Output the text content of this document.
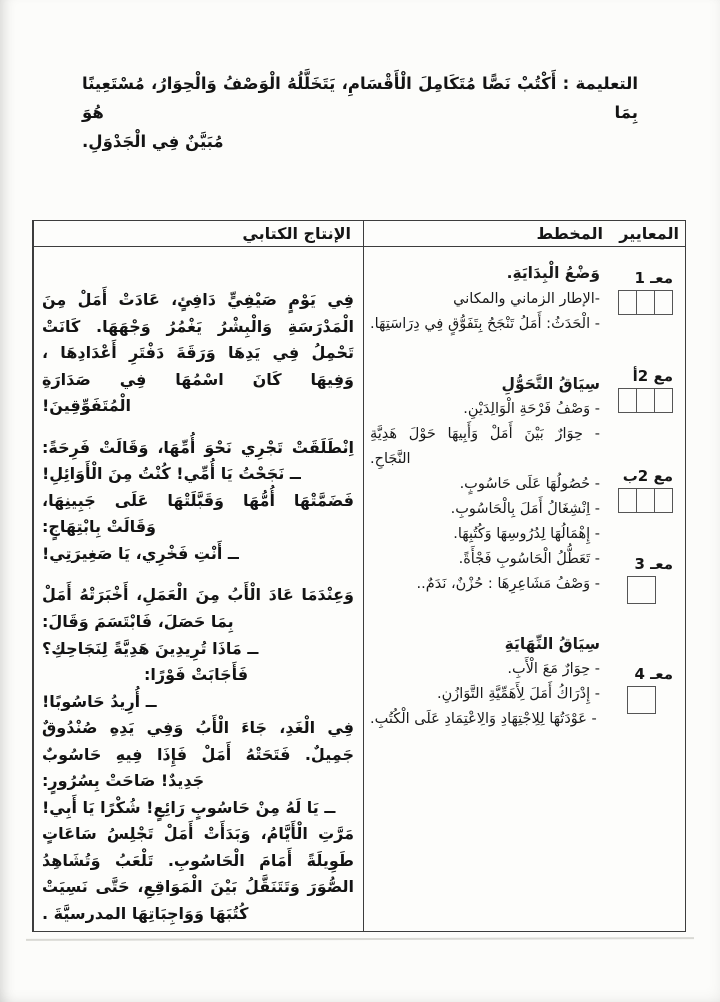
التعليمة : أَكْتُبْ نَصًّا مُتَكَامِلَ الْأَقْسَامِ، يَتَخَلَّلُهُ الْوَصْفُ وَالْحِوَارُ، مُسْتَعِينًا بِمَا هُوَ
مُبَيَّنٌ فِي الْجَدْوَلِ.
المعايير
المخطط
الإنتاج الكتابي
معـ 1
مع 2أ
مع 2ب
معـ 3
معـ 4
وَضْعُ الْبِدَايَةِ.
-الإطار الزماني والمكاني
- الْحَدَثُ: أَمَلُ تَنْجَحُ بِتَفَوُّقٍ فِي دِرَاسَتِهَا.
سِيَاقُ التَّحَوُّلِ
- وَصْفُ فَرْحَةِ الْوَالِدَيْنِ.
- حِوَارٌ بَيْنَ أَمَلْ وَأَبِيهَا حَوْلَ هَدِيَّةِ النَّجَاحِ.
- حُصُولُهَا عَلَى حَاسُوبٍ.
- اِنْشِغَالُ أَمَلَ بِالْحَاسُوبِ.
- إِهْمَالُهَا لِدُرُوسِهَا وَكُتُبِهَا.
- تَعَطُّلُ الْحَاسُوبِ فَجْأَةً.
- وَصْفُ مَشَاعِرِهَا : حُزْنٌ، نَدَمٌ..
سِيَاقُ النِّهَايَةِ
- حِوَارٌ مَعَ الْأَبِ.
- إِدْرَاكُ أَمَلَ لِأَهَمِّيَّةِ التَّوَازُنِ.
- عَوْدَتُهَا لِلِاجْتِهَادِ وَالِاعْتِمَادِ عَلَى الْكُتُبِ.
فِي يَوْمٍ صَيْفِيٍّ دَافِئٍ، عَادَتْ أَمَلْ مِنَ الْمَدْرَسَةِ وَالْبِشْرُ يَغْمُرُ وَجْهَهَا. كَانَتْ تَحْمِلُ فِي يَدِهَا وَرَقَةَ دَفْتَرِ أَعْدَادِهَا ، وَفِيهَا كَانَ اسْمُهَا فِي صَدَارَةِ الْمُتَفَوِّقِينَ!
اِنْطَلَقَتْ تَجْرِي نَحْوَ أُمِّهَا، وَقَالَتْ فَرِحَةً:
ــ نَجَحْتُ يَا أُمِّي! كُنْتُ مِنَ الْأَوَائِلِ!
فَضَمَّتْهَا أُمُّهَا وَقَبَّلَتْهَا عَلَى جَبِينِهَا، وَقَالَتْ بِابْتِهَاجٍ:
ــ أَنْتِ فَخْرِي، يَا صَغِيرَتِي!
وَعِنْدَمَا عَادَ الْأَبُ مِنَ الْعَمَلِ، أَخْبَرَتْهُ أَمَلْ بِمَا حَصَلَ، فَابْتَسَمَ وَقَالَ:
ــ مَاذَا تُرِيدِينَ هَدِيَّةً لِنَجَاحِكِ؟
فَأَجَابَتْ فَوْرًا:
ــ أُرِيدُ حَاسُوبًا!
فِي الْغَدِ، جَاءَ الْأَبُ وَفِي يَدِهِ صُنْدُوقٌ جَمِيلٌ. فَتَحَتْهُ أَمَلْ فَإِذَا فِيهِ حَاسُوبٌ جَدِيدٌ! صَاحَتْ بِسُرُورٍ:
ــ يَا لَهُ مِنْ حَاسُوبٍ رَائِعٍ! شُكْرًا يَا أَبِي!
مَرَّتِ الْأَيَّامُ، وَبَدَأَتْ أَمَلْ تَجْلِسُ سَاعَاتٍ طَوِيلَةً أَمَامَ الْحَاسُوبِ. تَلْعَبُ وَتُشَاهِدُ الصُّوَرَ وَتَتَنَقَّلُ بَيْنَ الْمَوَاقِعِ، حَتَّى نَسِيَتْ كُتُبَهَا وَوَاجِبَاتِهَا المدرسيَّةَ .
